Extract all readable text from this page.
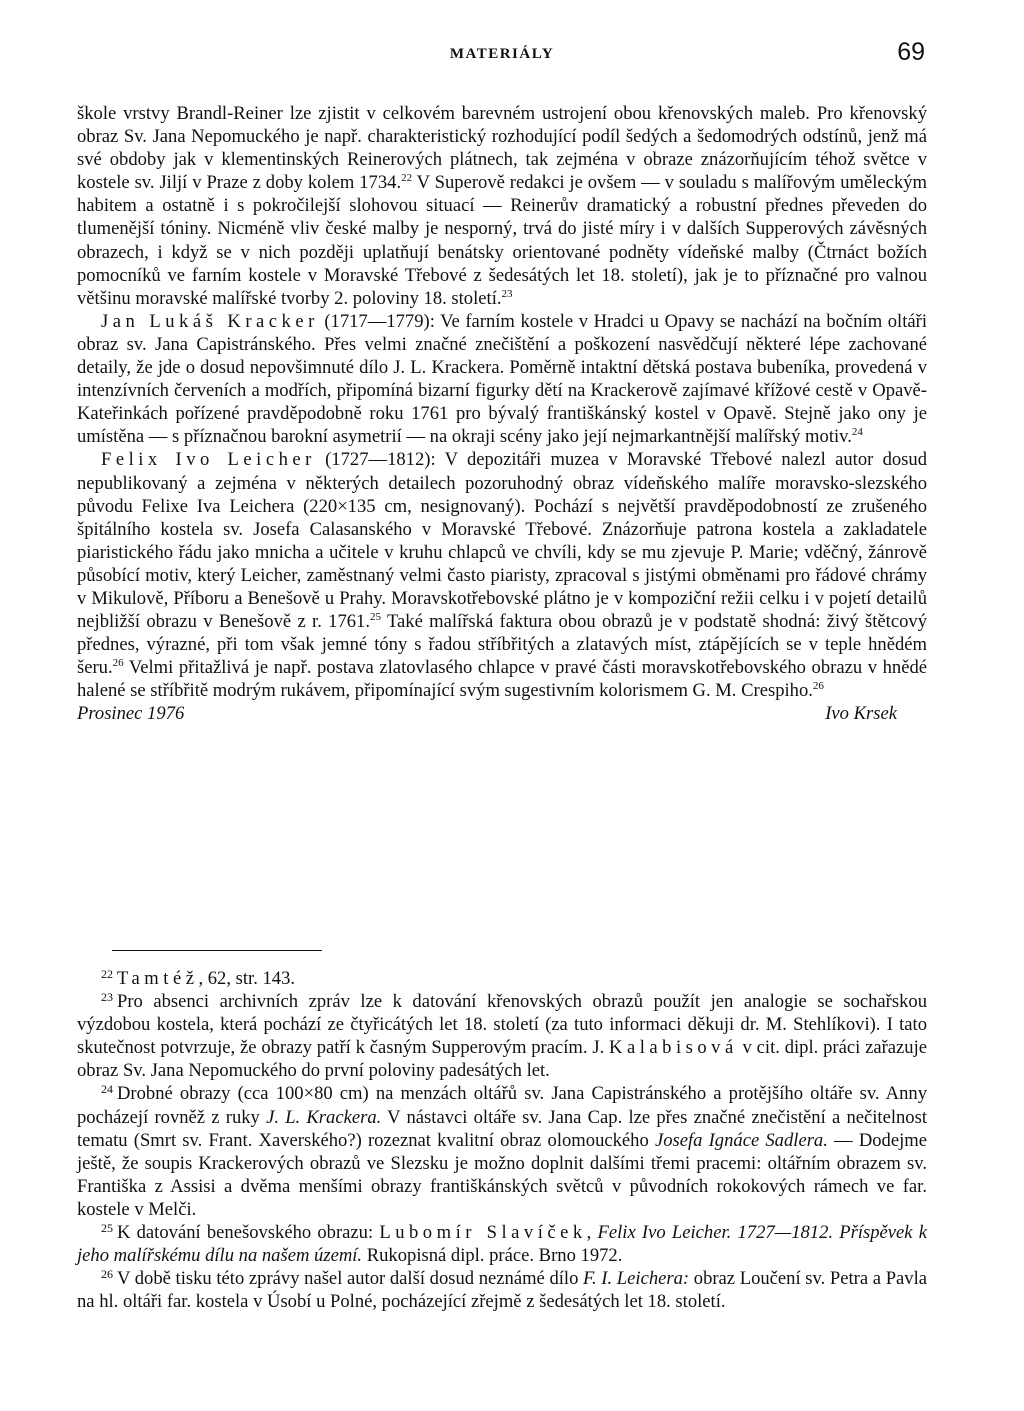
MATERIÁLY	69

škole vrstvy Brandl-Reiner lze zjistit v celkovém barevném ustrojení obou křenovských maleb. Pro křenovský obraz Sv. Jana Nepomuckého je např. charakteristický rozhodující podíl šedých a šedomodrých odstínů, jenž má své obdoby jak v klementinských Reinerových plátnech, tak zejména v obraze znázorňujícím téhož světce v kostele sv. Jiljí v Praze z doby kolem 1734.22 V Superově redakci je ovšem — v souladu s malířovým uměleckým habitem a ostatně i s pokročilejší slohovou situací — Reinerův dramatický a robustní přednes převeden do tlumenější tóniny. Nicméně vliv české malby je nesporný, trvá do jisté míry i v dalších Supperových závěsných obrazech, i když se v nich později uplatňují benátsky orientované podněty vídeňské malby (Čtrnáct božích pomocníků ve farním kostele v Moravské Třebové z šedesátých let 18. století), jak je to příznačné pro valnou většinu moravské malířské tvorby 2. poloviny 18. století.$^{23}$

Jan Lukáš Kracker (1717—1779): Ve farním kostele v Hradci u Opavy se nachází na bočním oltáři obraz sv. Jana Capistránského. Přes velmi značné znečištění a poškození nasvědčují některé lépe zachované detaily, že jde o dosud nepovšimnuté dílo J. L. Krackera. Poměrně intaktní dětská postava bubeníka, provedená v intenzívních červeních a modřích, připomíná bizarní figurky dětí na Krackerově zajímavé křížové cestě v Opavě-Kateřinkách pořízené pravděpodobně roku 1761 pro bývalý františkánský kostel v Opavě. Stejně jako ony je umístěna — s příznačnou barokní asymetrií — na okraji scény jako její nejmarkantnější malířský motiv.$^{24}$

Felix Ivo Leicher (1727—1812): V depozitáři muzea v Moravské Třebové nalezl autor dosud nepublikovaný a zejména v některých detailech pozoruhodný obraz vídeňského malíře moravsko-slezského původu Felixe Iva Leichera (220×135 cm, nesignovaný). Pochází s největší pravděpodobností ze zrušeného špitálního kostela sv. Josefa Calasanského v Moravské Třebové. Znázorňuje patrona kostela a zakladatele piaristického řádu jako mnicha a učitele v kruhu chlapců ve chvíli, kdy se mu zjevuje P. Marie; vděčný, žánrově působící motiv, který Leicher, zaměstnaný velmi často piaristy, zpracoval s jistými obměnami pro řádové chrámy v Mikulově, Příboru a Benešově u Prahy. Moravskotřebovské plátno je v kompoziční režii celku i v pojetí detailů nejbližší obrazu v Benešově z r. 1761.25 Také malířská faktura obou obrazů je v podstatě shodná: živý štětcový přednes, výrazné, při tom však jemné tóny s řadou stříbřitých a zlatavých míst, ztápějících se v teple hnědém šeru.$^{26}$ Velmi přitažlivá je např. postava zlatovlasého chlapce v pravé části moravskotřebovského obrazu v hnědé halené se stříbřitě modrým rukávem, připomínající svým sugestivním kolorismem G. M. Crespiho.$^{26}$

Prosinec 1976	Ivo Krsek

$^{22}$ Tamtéž, 62, str. 143.

$^{23}$ Pro absenci archivních zpráv lze k datování křenovských obrazů použít jen analogie se sochařskou výzdobou kostela, která pochází ze čtyřicátých let 18. století (za tuto informaci děkuji dr. M. Stehlíkovi). I tato skutečnost potvrzuje, že obrazy patří k časným Supperovým pracím. J. Kalabisová v cit. dipl. práci zařazuje obraz Sv. Jana Nepomuckého do první poloviny padesátých let.

$^{24}$ Drobné obrazy (cca 100×80 cm) na menzách oltářů sv. Jana Capistránského a protějšího oltáře sv. Anny pocházejí rovněž z ruky J. L. Krackera. V nástavci oltáře sv. Jana Cap. lze přes značné znečistění a nečitelnost tematu (Smrt sv. Frant. Xaverského?) rozeznat kvalitní obraz olomouckého Josefa Ignáce Sadlera. — Dodejme ještě, že soupis Krackerových obrazů ve Slezsku je možno doplnit dalšími třemi pracemi: oltářním obrazem sv. Františka z Assisi a dvěma menšími obrazy františkánských světců v původních rokokových rámech ve far. kostele v Melči.

$^{25}$ K datování benešovského obrazu: Lubomír Slavíček, Felix Ivo Leicher. 1727—1812. Příspěvek k jeho malířskému dílu na našem území. Rukopisná dipl. práce. Brno 1972.

$^{26}$ V době tisku této zprávy našel autor další dosud neznámé dílo F. I. Leichera: obraz Loučení sv. Petra a Pavla na hl. oltáři far. kostela v Úsobí u Polné, pocházející zřejmě z šedesátých let 18. století.
